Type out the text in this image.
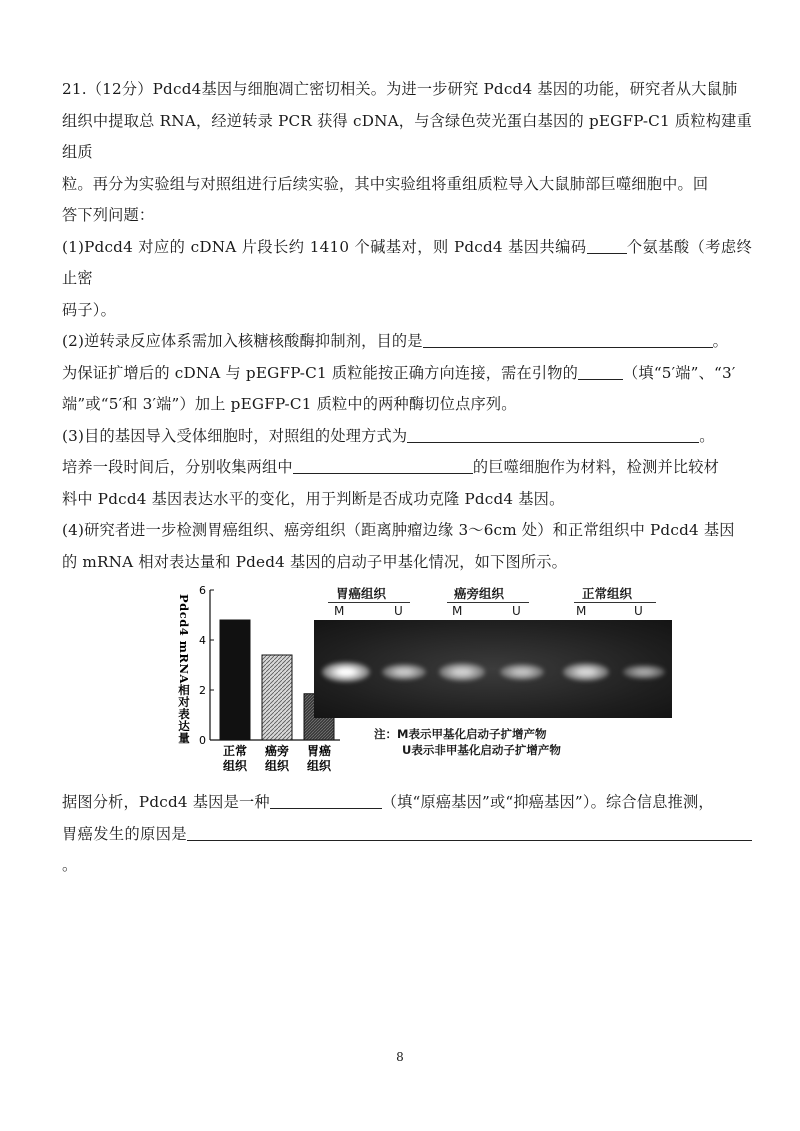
21.（12分）Pdcd4基因与细胞凋亡密切相关。为进一步研究 Pdcd4 基因的功能，研究者从大鼠肺

组织中提取总 RNA，经逆转录 PCR 获得 cDNA，与含绿色荧光蛋白基因的 pEGFP-C1 质粒构建重组质

粒。再分为实验组与对照组进行后续实验，其中实验组将重组质粒导入大鼠肺部巨噬细胞中。回

答下列问题：

(1)Pdcd4 对应的 cDNA 片段长约 1410 个碱基对，则 Pdcd4 基因共编码	个氨基酸（考虑终止密

码子）。

(2)逆转录反应体系需加入核糖核酸酶抑制剂，目的是	。

为保证扩增后的 cDNA 与 pEGFP-C1 质粒能按正确方向连接，需在引物的	（填“5′端”、“3′

端”或“5′和 3′端”）加上 pEGFP-C1 质粒中的两种酶切位点序列。

(3)目的基因导入受体细胞时，对照组的处理方式为	。

培养一段时间后，分别收集两组中	的巨噬细胞作为材料，检测并比较材

料中 Pdcd4 基因表达水平的变化，用于判断是否成功克隆 Pdcd4 基因。

(4)研究者进一步检测胃癌组织、癌旁组织（距离肿瘤边缘 3～6cm 处）和正常组织中 Pdcd4 基因

的 mRNA 相对表达量和 Pded4 基因的启动子甲基化情况，如下图所示。

0
2
4
6
Pdcd4 mRNA相对表达量
正常
组织
癌旁
组织
胃癌
组织
胃癌组织	癌旁组织	正常组织
M	U	M	U	M	U
注：M表示甲基化启动子扩增产物
U表示非甲基化启动子扩增产物

据图分析，Pdcd4 基因是一种	（填“原癌基因”或“抑癌基因”）。综合信息推测，

胃癌发生的原因是。

8
